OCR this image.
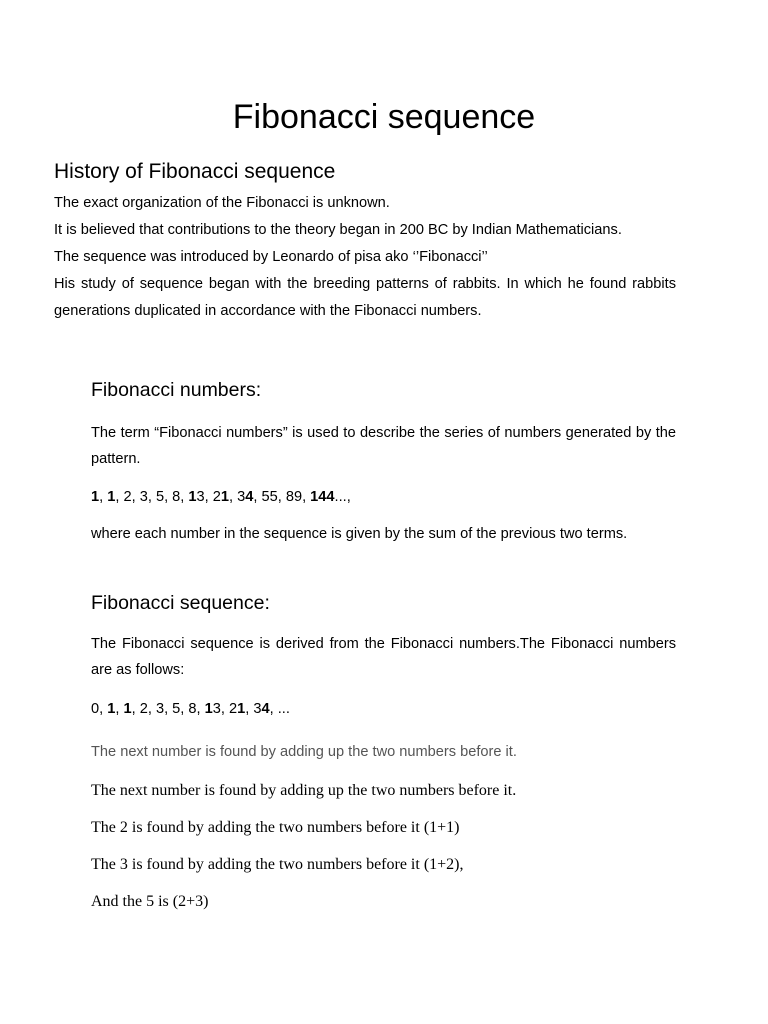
Fibonacci sequence
History of Fibonacci sequence

The exact organization of the Fibonacci is unknown.

It is believed that contributions to the theory began in 200 BC by Indian Mathematicians.

The sequence was introduced by Leonardo of pisa ako ‘’Fibonacci’’

His study of sequence began with the breeding patterns of rabbits. In which he found rabbits generations duplicated in accordance with the Fibonacci numbers.

Fibonacci numbers:

The term “Fibonacci numbers” is used to describe the series of numbers generated by the pattern.

1, 1, 2, 3, 5, 8, 13, 21, 34, 55, 89, 144...,

where each number in the sequence is given by the sum of the previous two terms.

Fibonacci sequence:

The Fibonacci sequence is derived from the Fibonacci numbers.The Fibonacci numbers are as follows:

0, 1, 1, 2, 3, 5, 8, 13, 21, 34, ...

The next number is found by adding up the two numbers before it.

The next number is found by adding up the two numbers before it.

The 2 is found by adding the two numbers before it (1+1)

The 3 is found by adding the two numbers before it (1+2),

And the 5 is (2+3)
